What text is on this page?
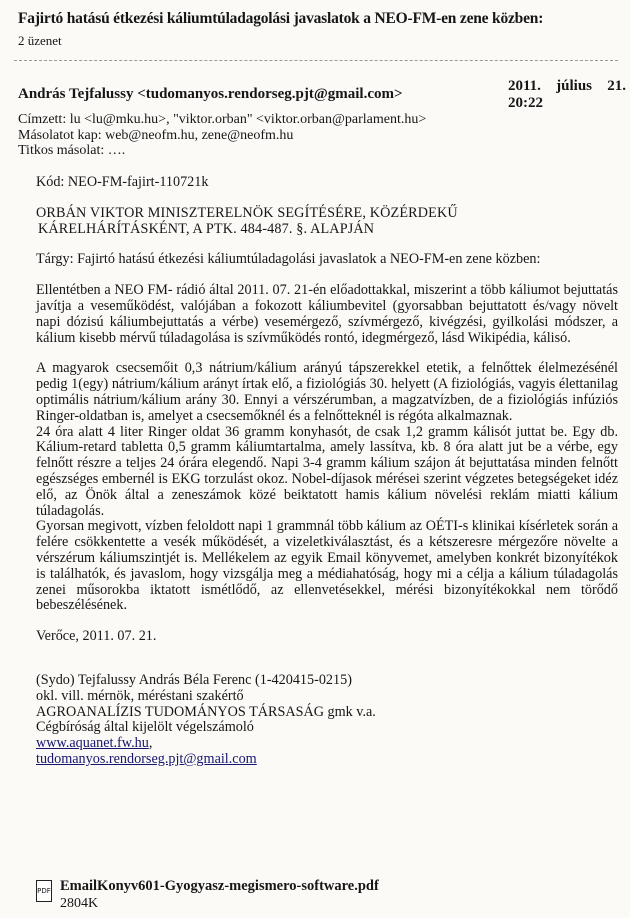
Fajirtó hatású étkezési káliumtúladagolási javaslatok a NEO-FM-en zene közben:
2 üzenet
András Tejfalussy <tudomanyos.rendorseg.pjt@gmail.com>	2011. július 21.
20:22
Címzett: lu <lu@mku.hu>, "viktor.orban" <viktor.orban@parlament.hu>
Másolatot kap: web@neofm.hu, zene@neofm.hu
Titkos másolat: ….

Kód: NEO-FM-fajirt-110721k

ORBÁN VIKTOR MINISZTERELNÖK SEGÍTÉSÉRE, KÖZÉRDEKŰ

KÁRELHÁRÍTÁSKÉNT, A PTK. 484-487. §. ALAPJÁN

Tárgy: Fajirtó hatású étkezési káliumtúladagolási javaslatok a NEO-FM-en zene közben:

Ellentétben a NEO FM- rádió által 2011. 07. 21-én előadottakkal, miszerint a több káliumot bejuttatás javítja a veseműködést, valójában a fokozott káliumbevitel (gyorsabban bejuttatott és/vagy növelt napi dózisú káliumbejuttatás a vérbe) vesemérgező, szívmérgező, kivégzési, gyilkolási módszer, a kálium kisebb mérvű túladagolása is szívműködés rontó, idegmérgező, lásd Wikipédia, kálisó.

A magyarok csecsemőit 0,3 nátrium/kálium arányú tápszerekkel etetik, a felnőttek élelmezésénél pedig 1(egy) nátrium/kálium arányt írtak elő, a fiziológiás 30. helyett (A fiziológiás, vagyis élettanilag optimális nátrium/kálium arány 30. Ennyi a vérszérumban, a magzatvízben, de a fiziológiás infúziós Ringer-oldatban is, amelyet a csecsemőknél és a felnőtteknél is régóta alkalmaznak.

24 óra alatt 4 liter Ringer oldat 36 gramm konyhasót, de csak 1,2 gramm kálisót juttat be. Egy db. Kálium-retard tabletta 0,5 gramm káliumtartalma, amely lassítva, kb. 8 óra alatt jut be a vérbe, egy felnőtt részre a teljes 24 órára elegendő. Napi 3-4 gramm kálium szájon át bejuttatása minden felnőtt egészséges embernél is EKG torzulást okoz. Nobel-díjasok mérései szerint végzetes betegségeket idéz elő, az Önök által a zeneszámok közé beiktatott hamis kálium növelési reklám miatti kálium túladagolás.

Gyorsan megivott, vízben feloldott napi 1 grammnál több kálium az OÉTI-s klinikai kísérletek során a felére csökkentette a vesék működését, a vizeletkiválasztást, és a kétszeresre mérgezőre növelte a vérszérum káliumszintjét is. Mellékelem az egyik Email könyvemet, amelyben konkrét bizonyítékok is találhatók, és javaslom, hogy vizsgálja meg a médiahatóság, hogy mi a célja a kálium túladagolás zenei műsorokba iktatott ismétlődő, az ellenvetésekkel, mérési bizonyítékokkal nem törődő bebeszélésének.

Verőce, 2011. 07. 21.

(Sydo) Tejfalussy András Béla Ferenc (1-420415-0215)

okl. vill. mérnök, méréstani szakértő

AGROANALÍZIS TUDOMÁNYOS TÁRSASÁG gmk v.a.

Cégbíróság által kijelölt végelszámoló

www.aquanet.fw.hu,

tudomanyos.rendorseg.pjt@gmail.com

PDF EmailKonyv601-Gyogyasz-megismero-software.pdf
2804K
